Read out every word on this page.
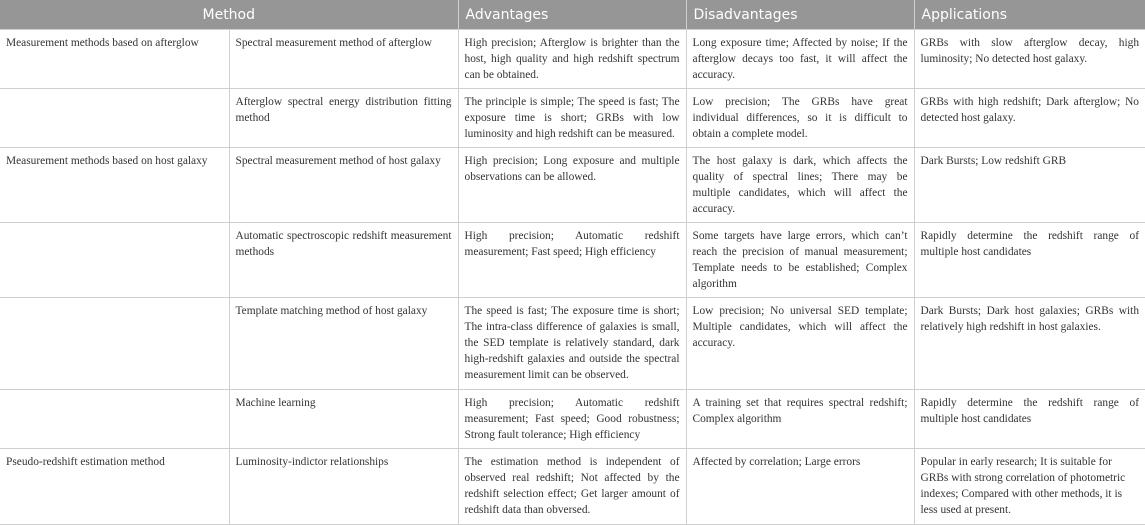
Method		Advantages	Disadvantages	Applications
Measurement methods based on afterglow	Spectral measurement method of afterglow	High precision; Afterglow is brighter than the host, high quality and high redshift spectrum can be obtained.	Long exposure time; Affected by noise; If the afterglow decays too fast, it will affect the accuracy.	GRBs with slow afterglow decay, high luminosity; No detected host galaxy.
	Afterglow spectral energy distribution fitting method	The principle is simple; The speed is fast; The exposure time is short; GRBs with low luminosity and high redshift can be measured.	Low precision; The GRBs have great individual differences, so it is difficult to obtain a complete model.	GRBs with high redshift; Dark afterglow; No detected host galaxy.
Measurement methods based on host galaxy	Spectral measurement method of host galaxy	High precision; Long exposure and multiple observations can be allowed.	The host galaxy is dark, which affects the quality of spectral lines; There may be multiple candidates, which will affect the accuracy.	Dark Bursts; Low redshift GRB
	Automatic spectroscopic redshift measurement methods	High precision; Automatic redshift measurement; Fast speed; High efficiency	Some targets have large errors, which can’t reach the precision of manual measurement; Template needs to be established; Complex algorithm	Rapidly determine the redshift range of multiple host candidates
	Template matching method of host galaxy	The speed is fast; The exposure time is short; The intra-class difference of galaxies is small, the SED template is relatively standard, dark high-redshift galaxies and outside the spectral measurement limit can be observed.	Low precision; No universal SED template; Multiple candidates, which will affect the accuracy.	Dark Bursts; Dark host galaxies; GRBs with relatively high redshift in host galaxies.
	Machine learning	High precision; Automatic redshift measurement; Fast speed; Good robustness; Strong fault tolerance; High efficiency	A training set that requires spectral redshift; Complex algorithm	Rapidly determine the redshift range of multiple host candidates
Pseudo-redshift estimation method	Luminosity-indictor relationships	The estimation method is independent of observed real redshift; Not affected by the redshift selection effect; Get larger amount of redshift data than obversed.	Affected by correlation; Large errors	Popular in early research; It is suitable for GRBs with strong correlation of photometric indexes; Compared with other methods, it is less used at present.
